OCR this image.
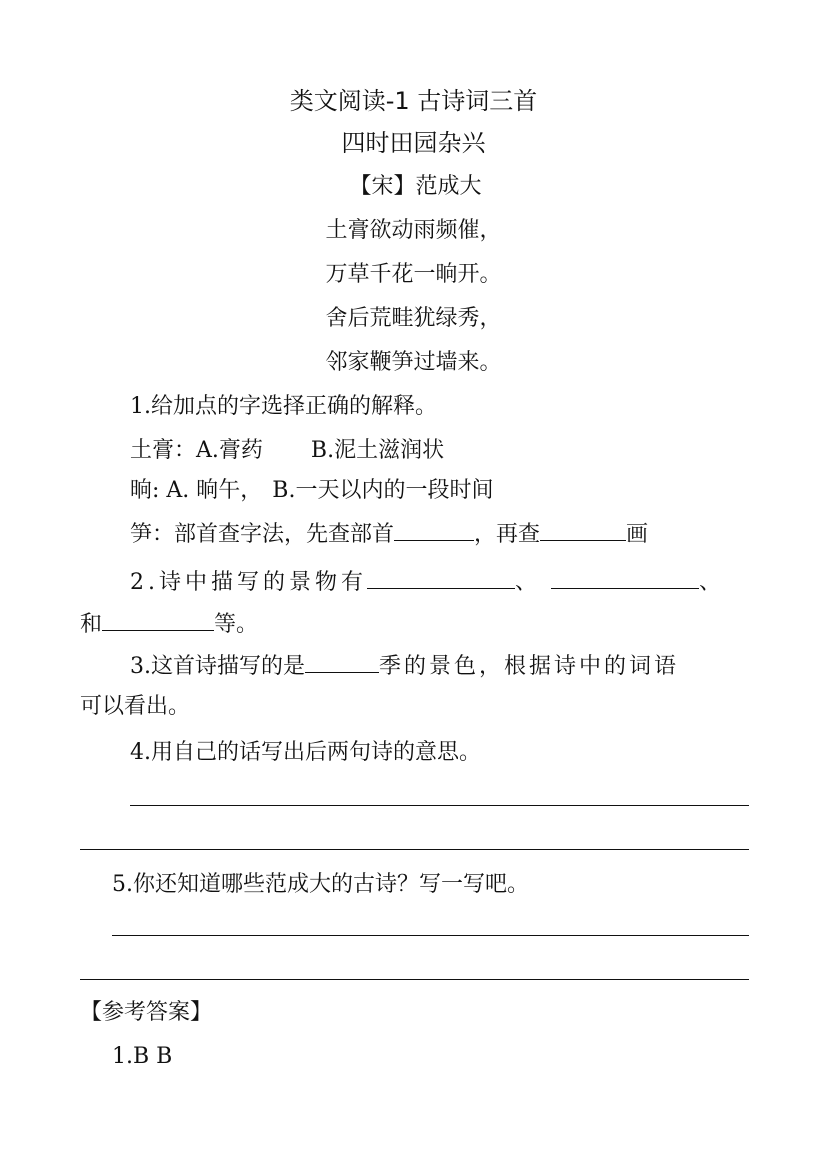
类文阅读-1 古诗词三首
四时田园杂兴
【宋】范成大
土膏欲动雨频催，
万草千花一晌开。
舍后荒畦犹绿秀，
邻家鞭笋过墙来。
1.给加点的字选择正确的解释。
土膏：A.膏药 B.泥土滋润状
晌: A. 晌午， B.一天以内的一段时间
笋：部首查字法，先查部首	，再查	画
2.诗中描写的景物有	、	、
和	等。
3.这首诗描写的是	季的景色，根据诗中的词语
可以看出。
4.用自己的话写出后两句诗的意思。
5.你还知道哪些范成大的古诗？写一写吧。
【参考答案】
1.B B
